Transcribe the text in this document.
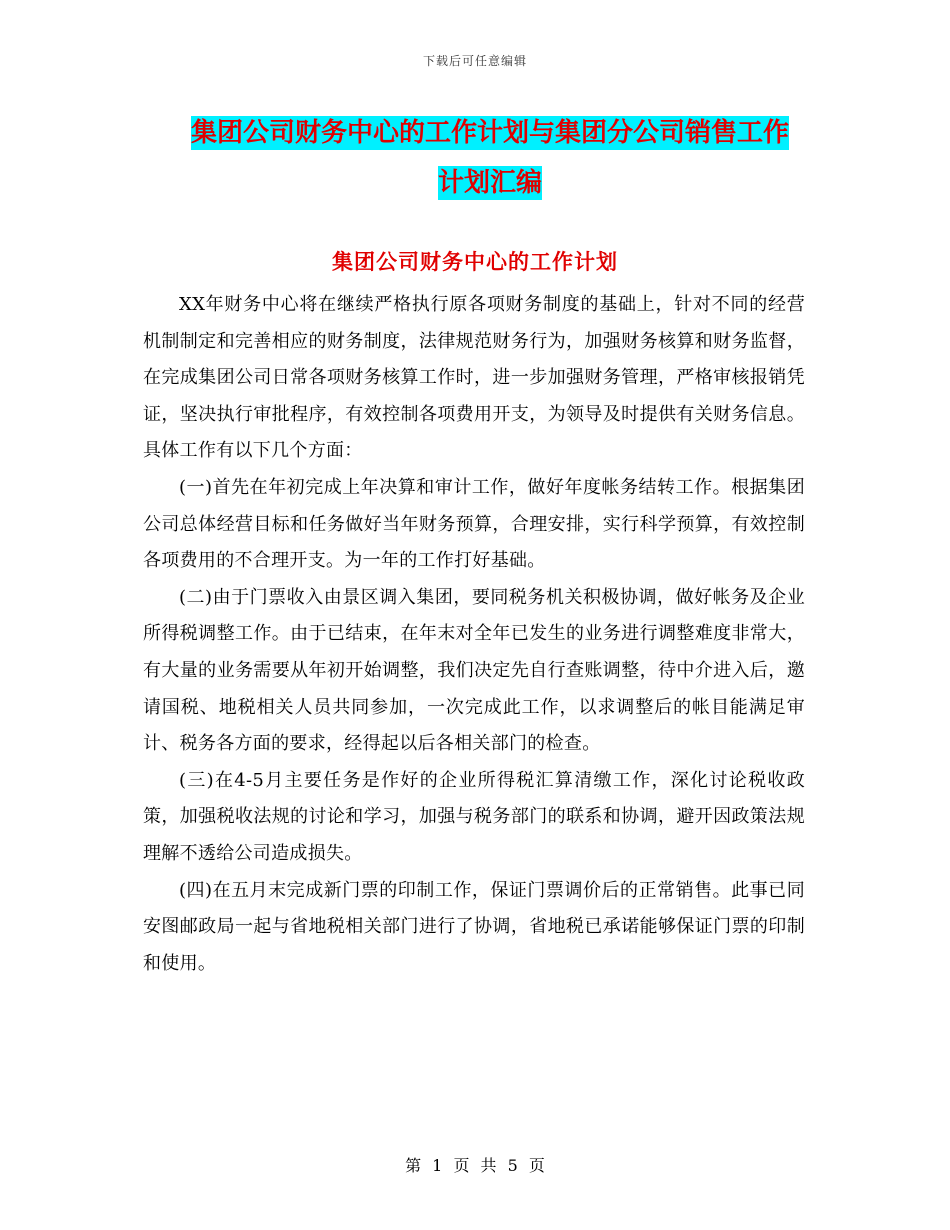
下载后可任意编辑
集团公司财务中心的工作计划与集团分公司销售工作
计划汇编
集团公司财务中心的工作计划

XX年财务中心将在继续严格执行原各项财务制度的基础上，针对不同的经营机制制定和完善相应的财务制度，法律规范财务行为，加强财务核算和财务监督，在完成集团公司日常各项财务核算工作时，进一步加强财务管理，严格审核报销凭证，坚决执行审批程序，有效控制各项费用开支，为领导及时提供有关财务信息。具体工作有以下几个方面：

(一)首先在年初完成上年决算和审计工作，做好年度帐务结转工作。根据集团公司总体经营目标和任务做好当年财务预算，合理安排，实行科学预算，有效控制各项费用的不合理开支。为一年的工作打好基础。

(二)由于门票收入由景区调入集团，要同税务机关积极协调，做好帐务及企业所得税调整工作。由于已结束，在年末对全年已发生的业务进行调整难度非常大，有大量的业务需要从年初开始调整，我们决定先自行查账调整，待中介进入后，邀请国税、地税相关人员共同参加，一次完成此工作，以求调整后的帐目能满足审计、税务各方面的要求，经得起以后各相关部门的检查。

(三)在4-5月主要任务是作好的企业所得税汇算清缴工作，深化讨论税收政策，加强税收法规的讨论和学习，加强与税务部门的联系和协调，避开因政策法规理解不透给公司造成损失。

(四)在五月末完成新门票的印制工作，保证门票调价后的正常销售。此事已同安图邮政局一起与省地税相关部门进行了协调，省地税已承诺能够保证门票的印制和使用。

第 1 页 共 5 页
